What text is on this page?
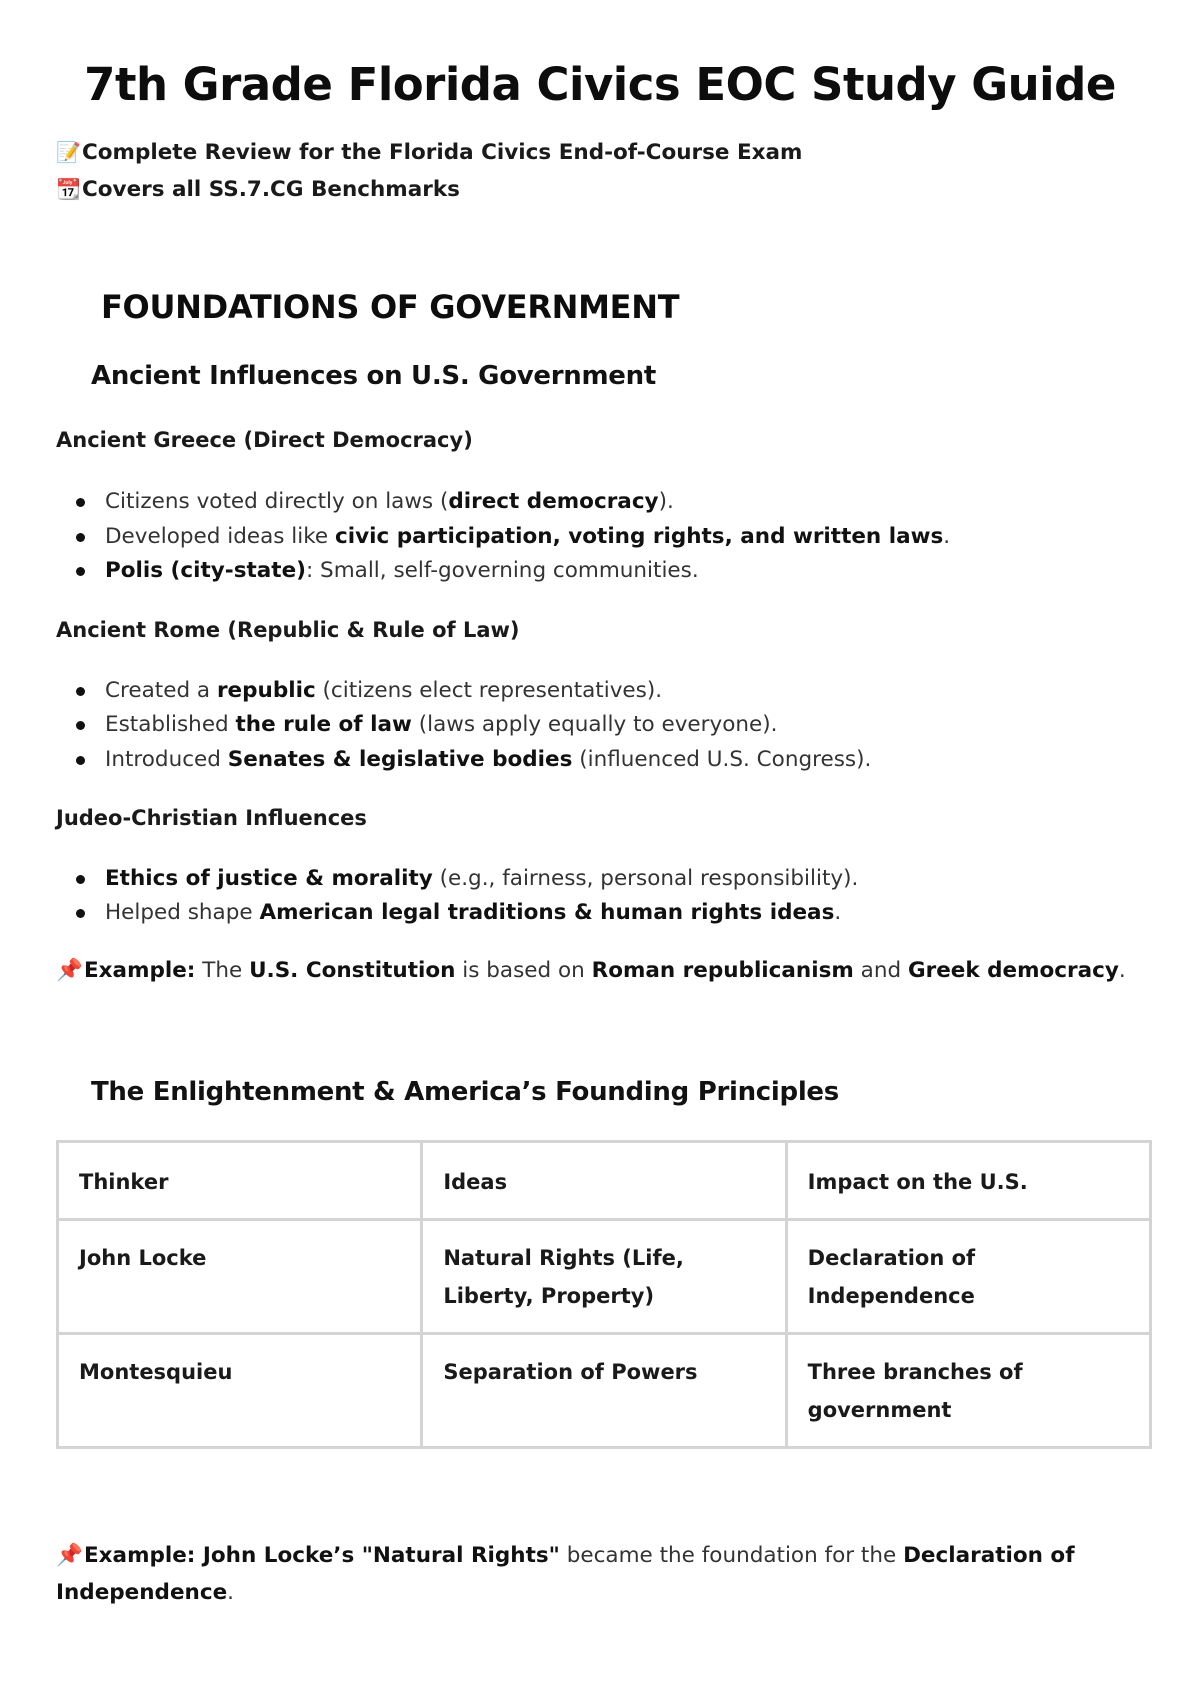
7th Grade Florida Civics EOC Study Guide
📝Complete Review for the Florida Civics End-of-Course Exam
📆Covers all SS.7.CG Benchmarks
FOUNDATIONS OF GOVERNMENT
Ancient Influences on U.S. Government
Ancient Greece (Direct Democracy)
Citizens voted directly on laws (direct democracy).
Developed ideas like civic participation, voting rights, and written laws.
Polis (city-state): Small, self-governing communities.
Ancient Rome (Republic & Rule of Law)
Created a republic (citizens elect representatives).
Established the rule of law (laws apply equally to everyone).
Introduced Senates & legislative bodies (influenced U.S. Congress).
Judeo-Christian Influences
Ethics of justice & morality (e.g., fairness, personal responsibility).
Helped shape American legal traditions & human rights ideas.
📌Example: The U.S. Constitution is based on Roman republicanism and Greek democracy.
The Enlightenment & America’s Founding Principles
Thinker	Ideas	Impact on the U.S.
John Locke	Natural Rights (Life, Liberty, Property)	Declaration of Independence
Montesquieu	Separation of Powers	Three branches of government
📌Example: John Locke’s "Natural Rights" became the foundation for the Declaration of Independence.
